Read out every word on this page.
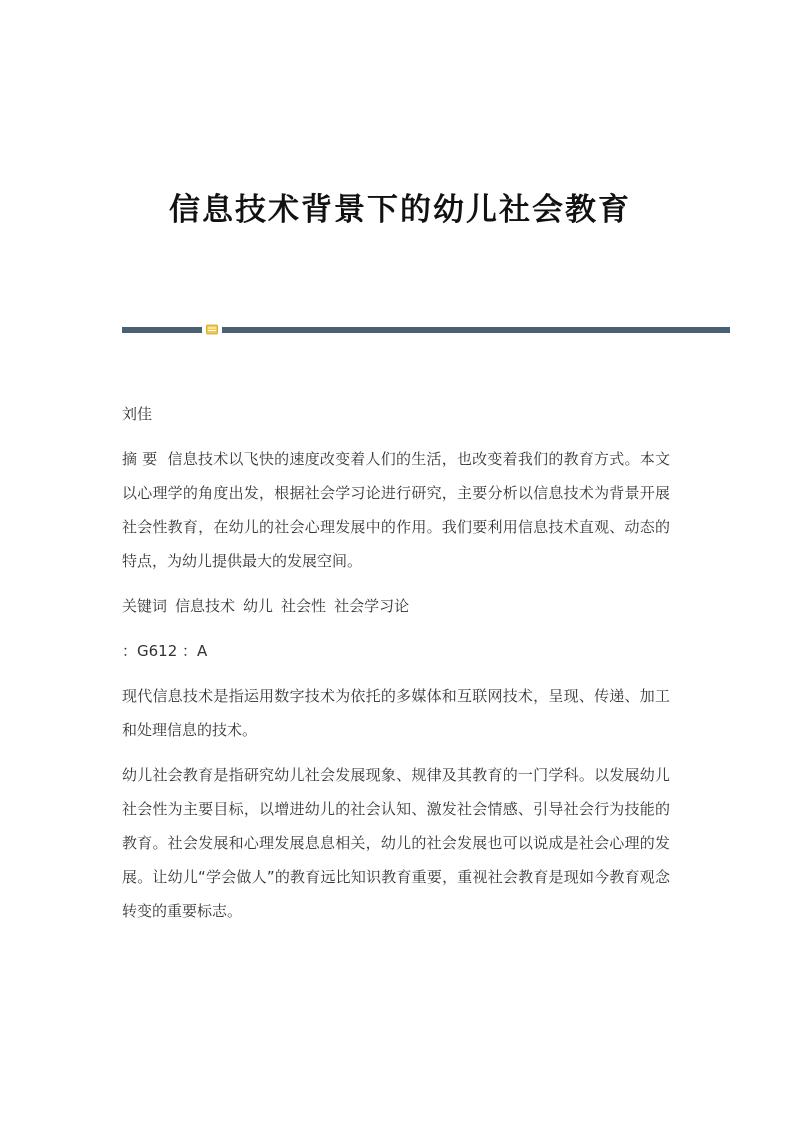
信息技术背景下的幼儿社会教育

刘佳

摘 要 信息技术以飞快的速度改变着人们的生活，也改变着我们的教育方式。本文以心理学的角度出发，根据社会学习论进行研究，主要分析以信息技术为背景开展社会性教育，在幼儿的社会心理发展中的作用。我们要利用信息技术直观、动态的特点，为幼儿提供最大的发展空间。

关键词 信息技术 幼儿 社会性 社会学习论

：G612 ：A

现代信息技术是指运用数字技术为依托的多媒体和互联网技术，呈现、传递、加工和处理信息的技术。

幼儿社会教育是指研究幼儿社会发展现象、规律及其教育的一门学科。以发展幼儿社会性为主要目标，以增进幼儿的社会认知、激发社会情感、引导社会行为技能的教育。社会发展和心理发展息息相关，幼儿的社会发展也可以说成是社会心理的发展。让幼儿“学会做人”的教育远比知识教育重要，重视社会教育是现如今教育观念转变的重要标志。
